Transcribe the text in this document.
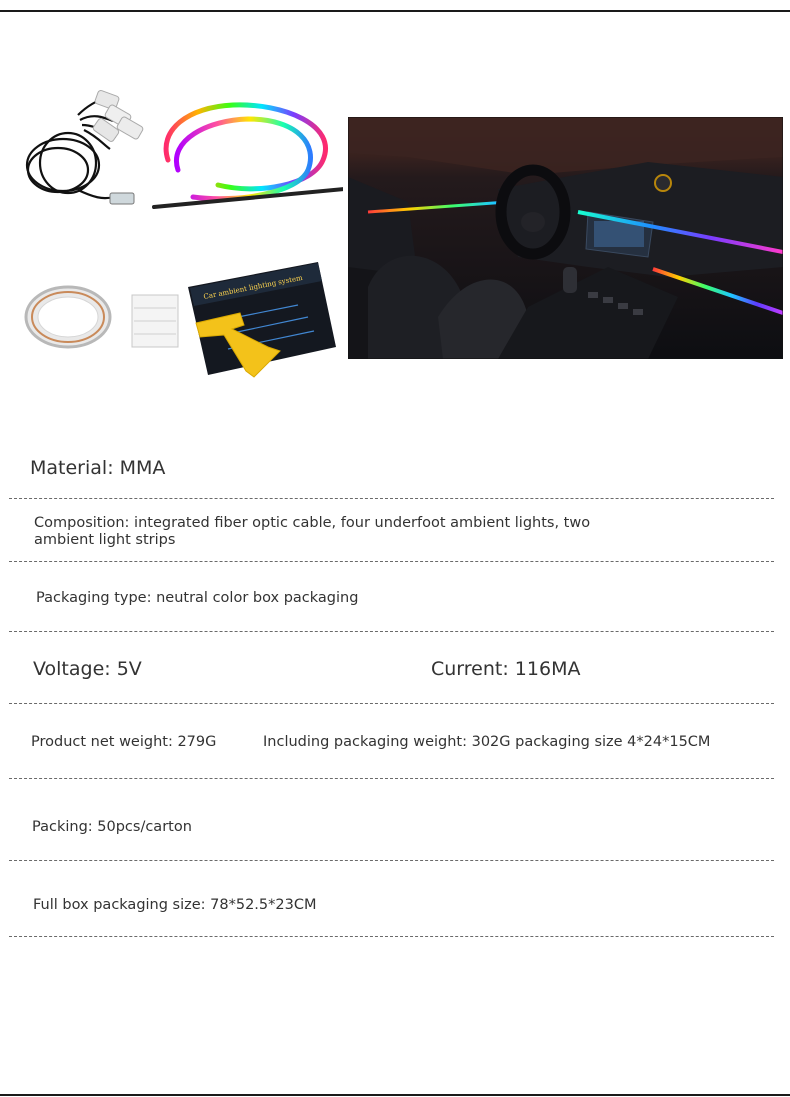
Car ambient lighting system
Material: MMA
Composition: integrated fiber optic cable, four underfoot ambient lights, two
ambient light strips
Packaging type: neutral color box packaging
Voltage: 5V	Current: 116MA
Product net weight: 279G	Including packaging weight: 302G packaging size 4*24*15CM
Packing: 50pcs/carton
Full box packaging size: 78*52.5*23CM
